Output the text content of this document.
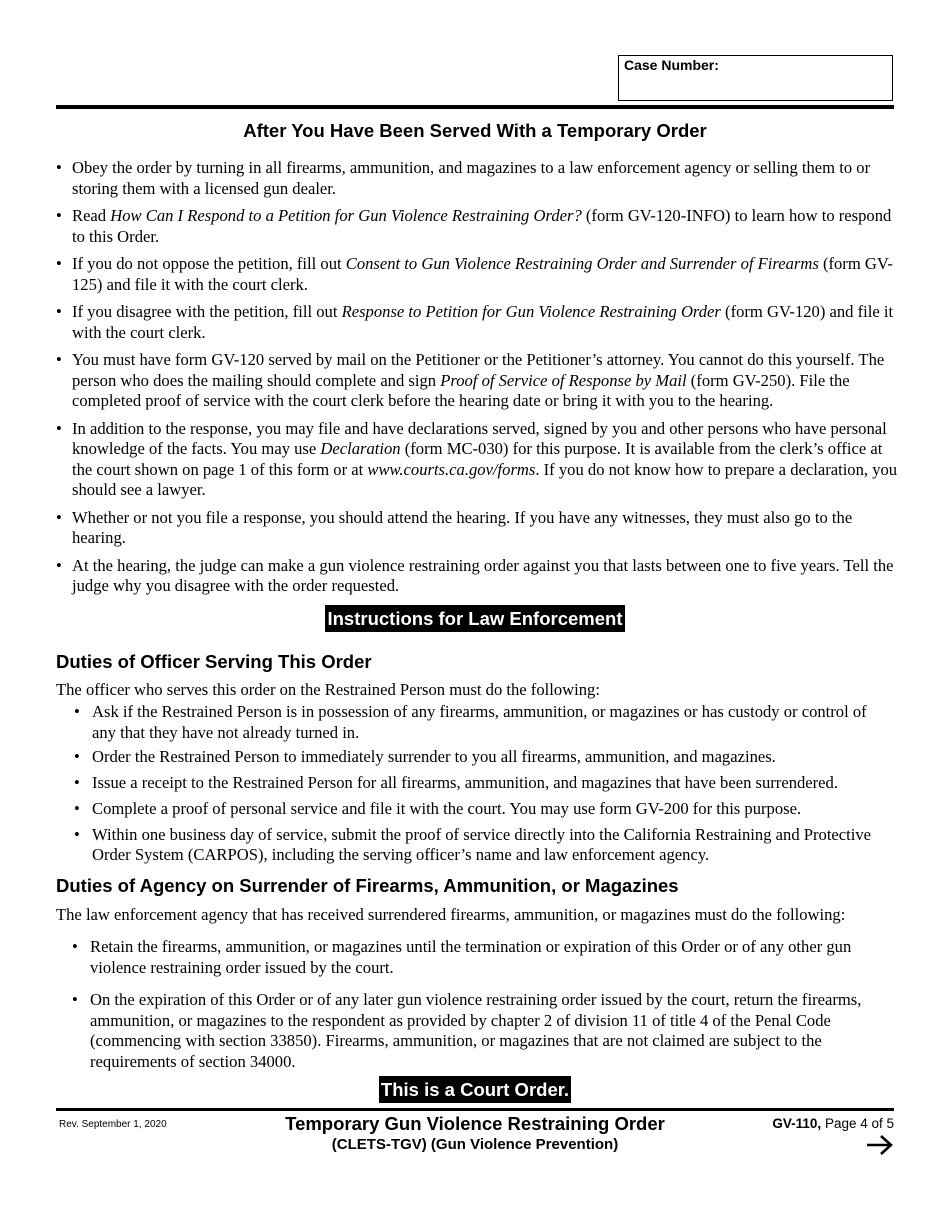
Case Number:
After You Have Been Served With a Temporary Order
• Obey the order by turning in all firearms, ammunition, and magazines to a law enforcement agency or selling them to or storing them with a licensed gun dealer.
• Read How Can I Respond to a Petition for Gun Violence Restraining Order? (form GV-120-INFO) to learn how to respond to this Order.
• If you do not oppose the petition, fill out Consent to Gun Violence Restraining Order and Surrender of Firearms (form GV-125) and file it with the court clerk.
• If you disagree with the petition, fill out Response to Petition for Gun Violence Restraining Order (form GV-120) and file it with the court clerk.
• You must have form GV-120 served by mail on the Petitioner or the Petitioner’s attorney. You cannot do this yourself. The person who does the mailing should complete and sign Proof of Service of Response by Mail (form GV-250). File the completed proof of service with the court clerk before the hearing date or bring it with you to the hearing.
• In addition to the response, you may file and have declarations served, signed by you and other persons who have personal knowledge of the facts. You may use Declaration (form MC-030) for this purpose. It is available from the clerk’s office at the court shown on page 1 of this form or at www.courts.ca.gov/forms. If you do not know how to prepare a declaration, you should see a lawyer.
• Whether or not you file a response, you should attend the hearing. If you have any witnesses, they must also go to the hearing.
• At the hearing, the judge can make a gun violence restraining order against you that lasts between one to five years. Tell the judge why you disagree with the order requested.
Instructions for Law Enforcement
Duties of Officer Serving This Order

The officer who serves this order on the Restrained Person must do the following:

• Ask if the Restrained Person is in possession of any firearms, ammunition, or magazines or has custody or control of any that they have not already turned in.
• Order the Restrained Person to immediately surrender to you all firearms, ammunition, and magazines.
• Issue a receipt to the Restrained Person for all firearms, ammunition, and magazines that have been surrendered.
• Complete a proof of personal service and file it with the court. You may use form GV-200 for this purpose.
• Within one business day of service, submit the proof of service directly into the California Restraining and Protective Order System (CARPOS), including the serving officer’s name and law enforcement agency.
Duties of Agency on Surrender of Firearms, Ammunition, or Magazines

The law enforcement agency that has received surrendered firearms, ammunition, or magazines must do the following:

• Retain the firearms, ammunition, or magazines until the termination or expiration of this Order or of any other gun violence restraining order issued by the court.
• On the expiration of this Order or of any later gun violence restraining order issued by the court, return the firearms, ammunition, or magazines to the respondent as provided by chapter 2 of division 11 of title 4 of the Penal Code (commencing with section 33850). Firearms, ammunition, or magazines that are not claimed are subject to the requirements of section 34000.
This is a Court Order.
Rev. September 1, 2020	Temporary Gun Violence Restraining Order
(CLETS-TGV) (Gun Violence Prevention)
GV-110, Page 4 of 5
